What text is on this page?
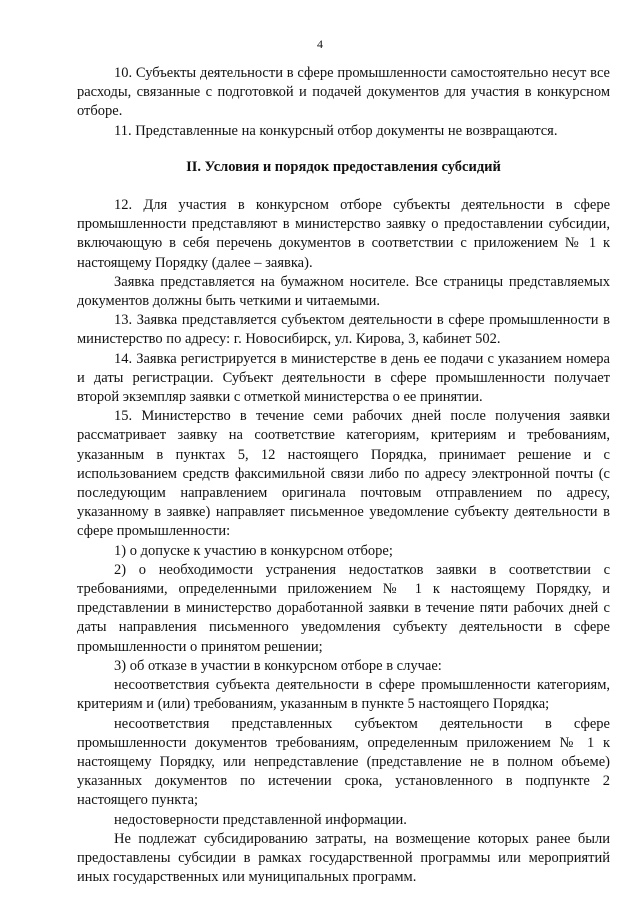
4

10. Субъекты деятельности в сфере промышленности самостоятельно несут все расходы, связанные с подготовкой и подачей документов для участия в конкурсном отборе.

11. Представленные на конкурсный отбор документы не возвращаются.

II. Условия и порядок предоставления субсидий

12. Для участия в конкурсном отборе субъекты деятельности в сфере промышленности представляют в министерство заявку о предоставлении субсидии, включающую в себя перечень документов в соответствии с приложением № 1 к настоящему Порядку (далее – заявка).

Заявка представляется на бумажном носителе. Все страницы представляемых документов должны быть четкими и читаемыми.

13. Заявка представляется субъектом деятельности в сфере промышленности в министерство по адресу: г. Новосибирск, ул. Кирова, 3, кабинет 502.

14. Заявка регистрируется в министерстве в день ее подачи с указанием номера и даты регистрации. Субъект деятельности в сфере промышленности получает второй экземпляр заявки с отметкой министерства о ее принятии.

15. Министерство в течение семи рабочих дней после получения заявки рассматривает заявку на соответствие категориям, критериям и требованиям, указанным в пунктах 5, 12 настоящего Порядка, принимает решение и с использованием средств факсимильной связи либо по адресу электронной почты (с последующим направлением оригинала почтовым отправлением по адресу, указанному в заявке) направляет письменное уведомление субъекту деятельности в сфере промышленности:

1) о допуске к участию в конкурсном отборе;

2) о необходимости устранения недостатков заявки в соответствии с требованиями, определенными приложением № 1 к настоящему Порядку, и представлении в министерство доработанной заявки в течение пяти рабочих дней с даты направления письменного уведомления субъекту деятельности в сфере промышленности о принятом решении;

3) об отказе в участии в конкурсном отборе в случае:

несоответствия субъекта деятельности в сфере промышленности категориям, критериям и (или) требованиям, указанным в пункте 5 настоящего Порядка;

несоответствия представленных субъектом деятельности в сфере промышленности документов требованиям, определенным приложением № 1 к настоящему Порядку, или непредставление (представление не в полном объеме) указанных документов по истечении срока, установленного в подпункте 2 настоящего пункта;

недостоверности представленной информации.

Не подлежат субсидированию затраты, на возмещение которых ранее были предоставлены субсидии в рамках государственной программы или мероприятий иных государственных или муниципальных программ.
